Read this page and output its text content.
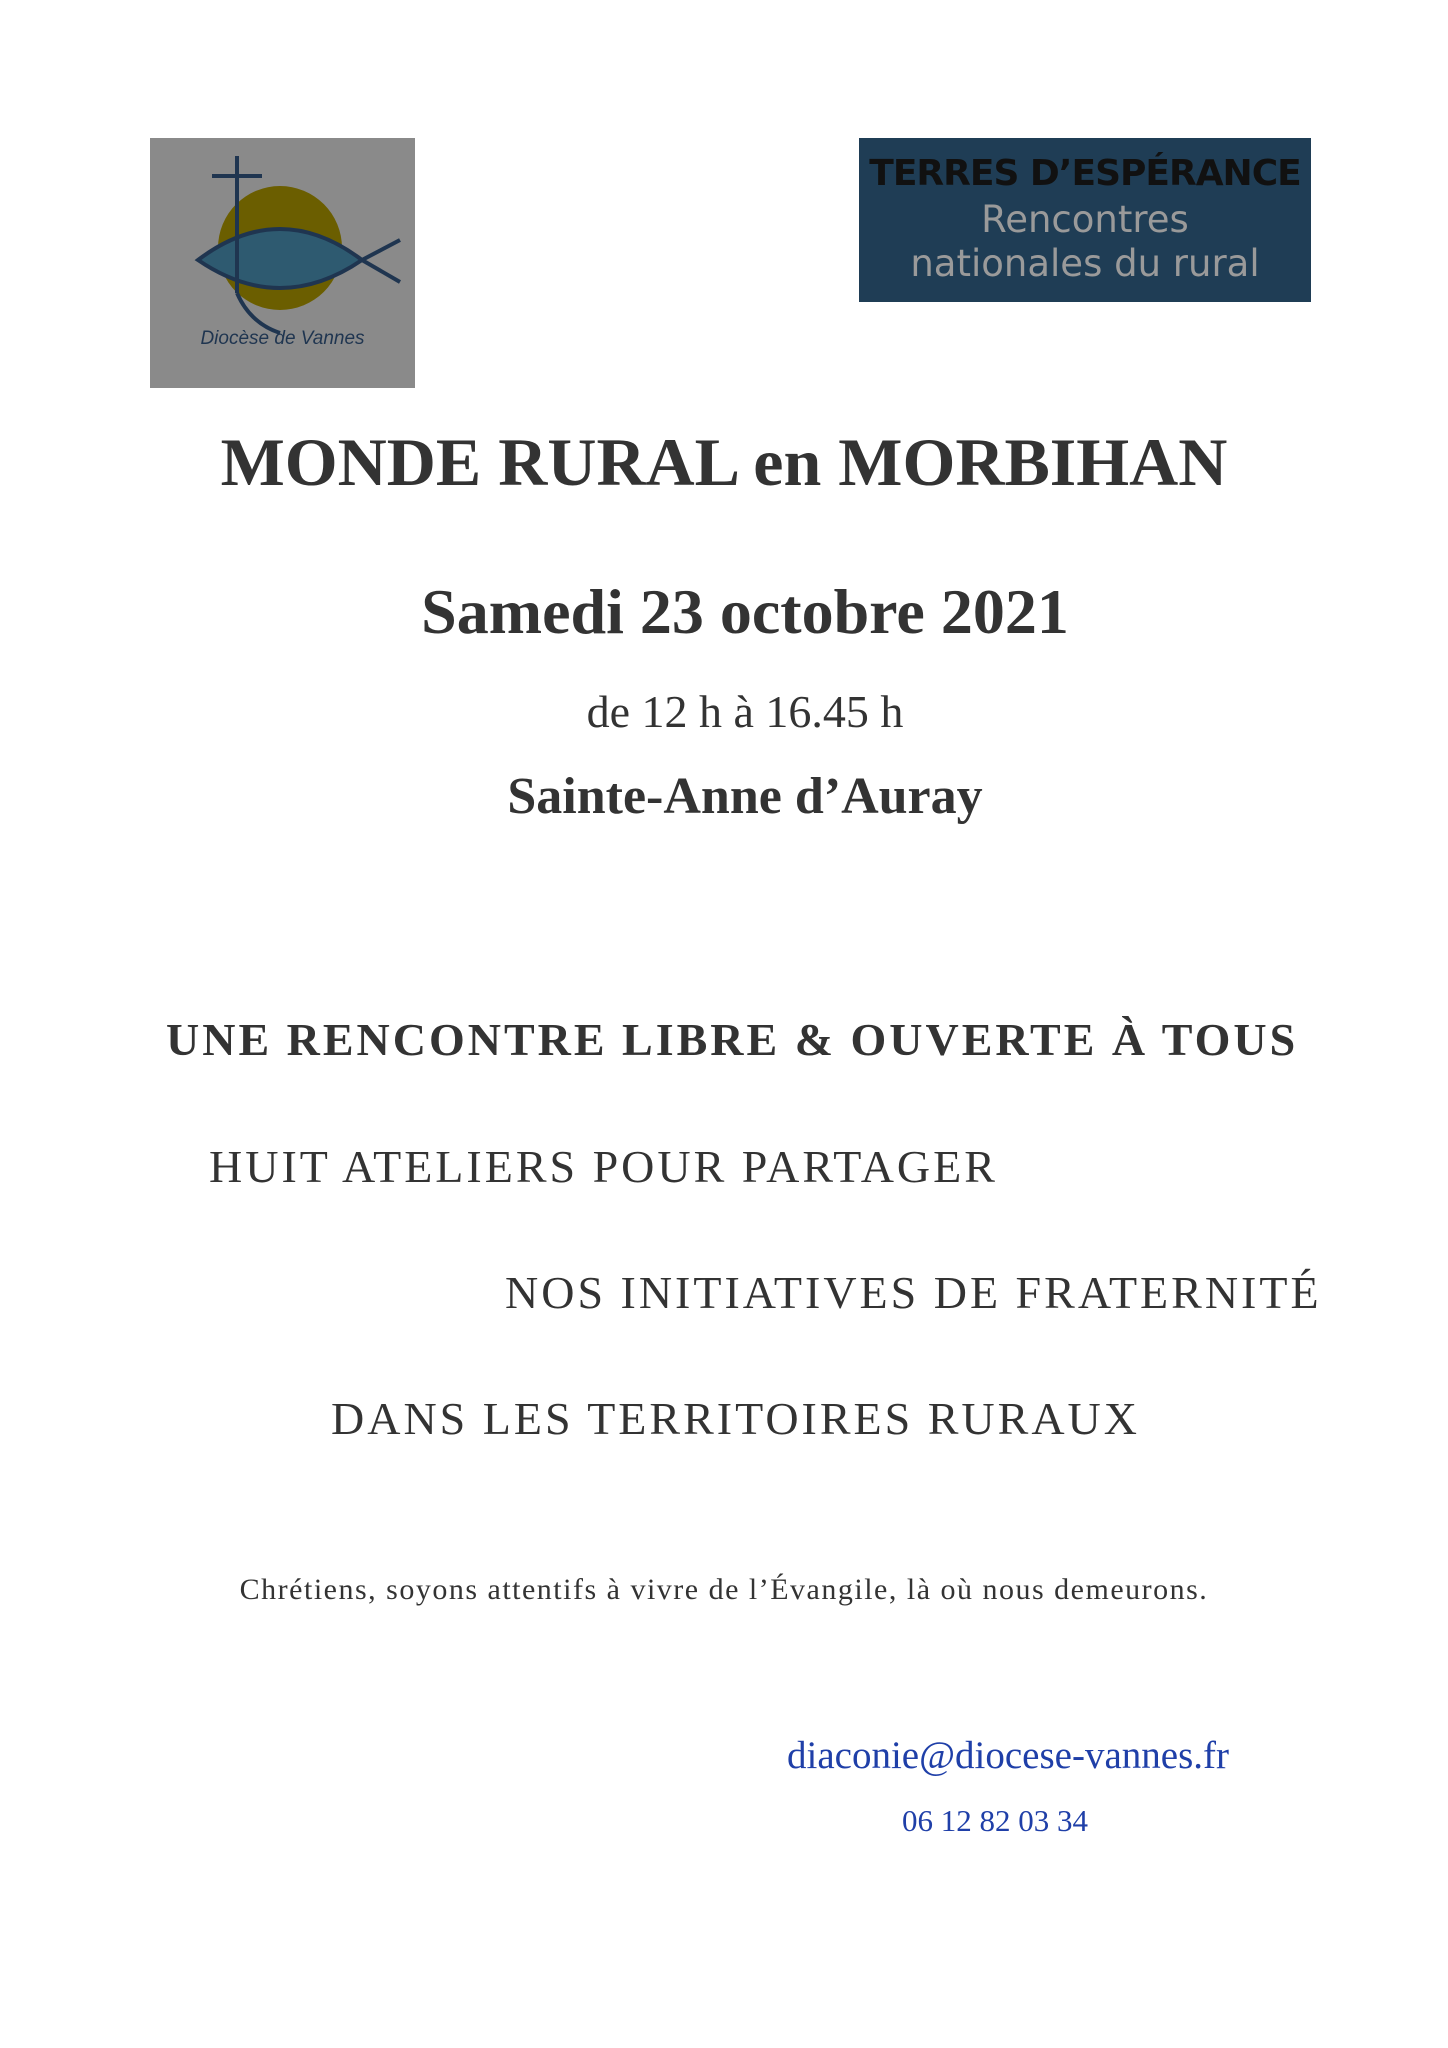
Diocèse de Vannes
TERRES D’ESPÉRANCE
Rencontres
nationales du rural
MONDE RURAL en MORBIHAN
Samedi 23 octobre 2021
de 12 h à 16.45 h
Sainte-Anne d’Auray
UNE RENCONTRE LIBRE & OUVERTE À TOUS
HUIT ATELIERS POUR PARTAGER
NOS INITIATIVES DE FRATERNITÉ
DANS LES TERRITOIRES RURAUX
Chrétiens, soyons attentifs à vivre de l’Évangile, là où nous demeurons.
diaconie@diocese-vannes.fr
06 12 82 03 34
